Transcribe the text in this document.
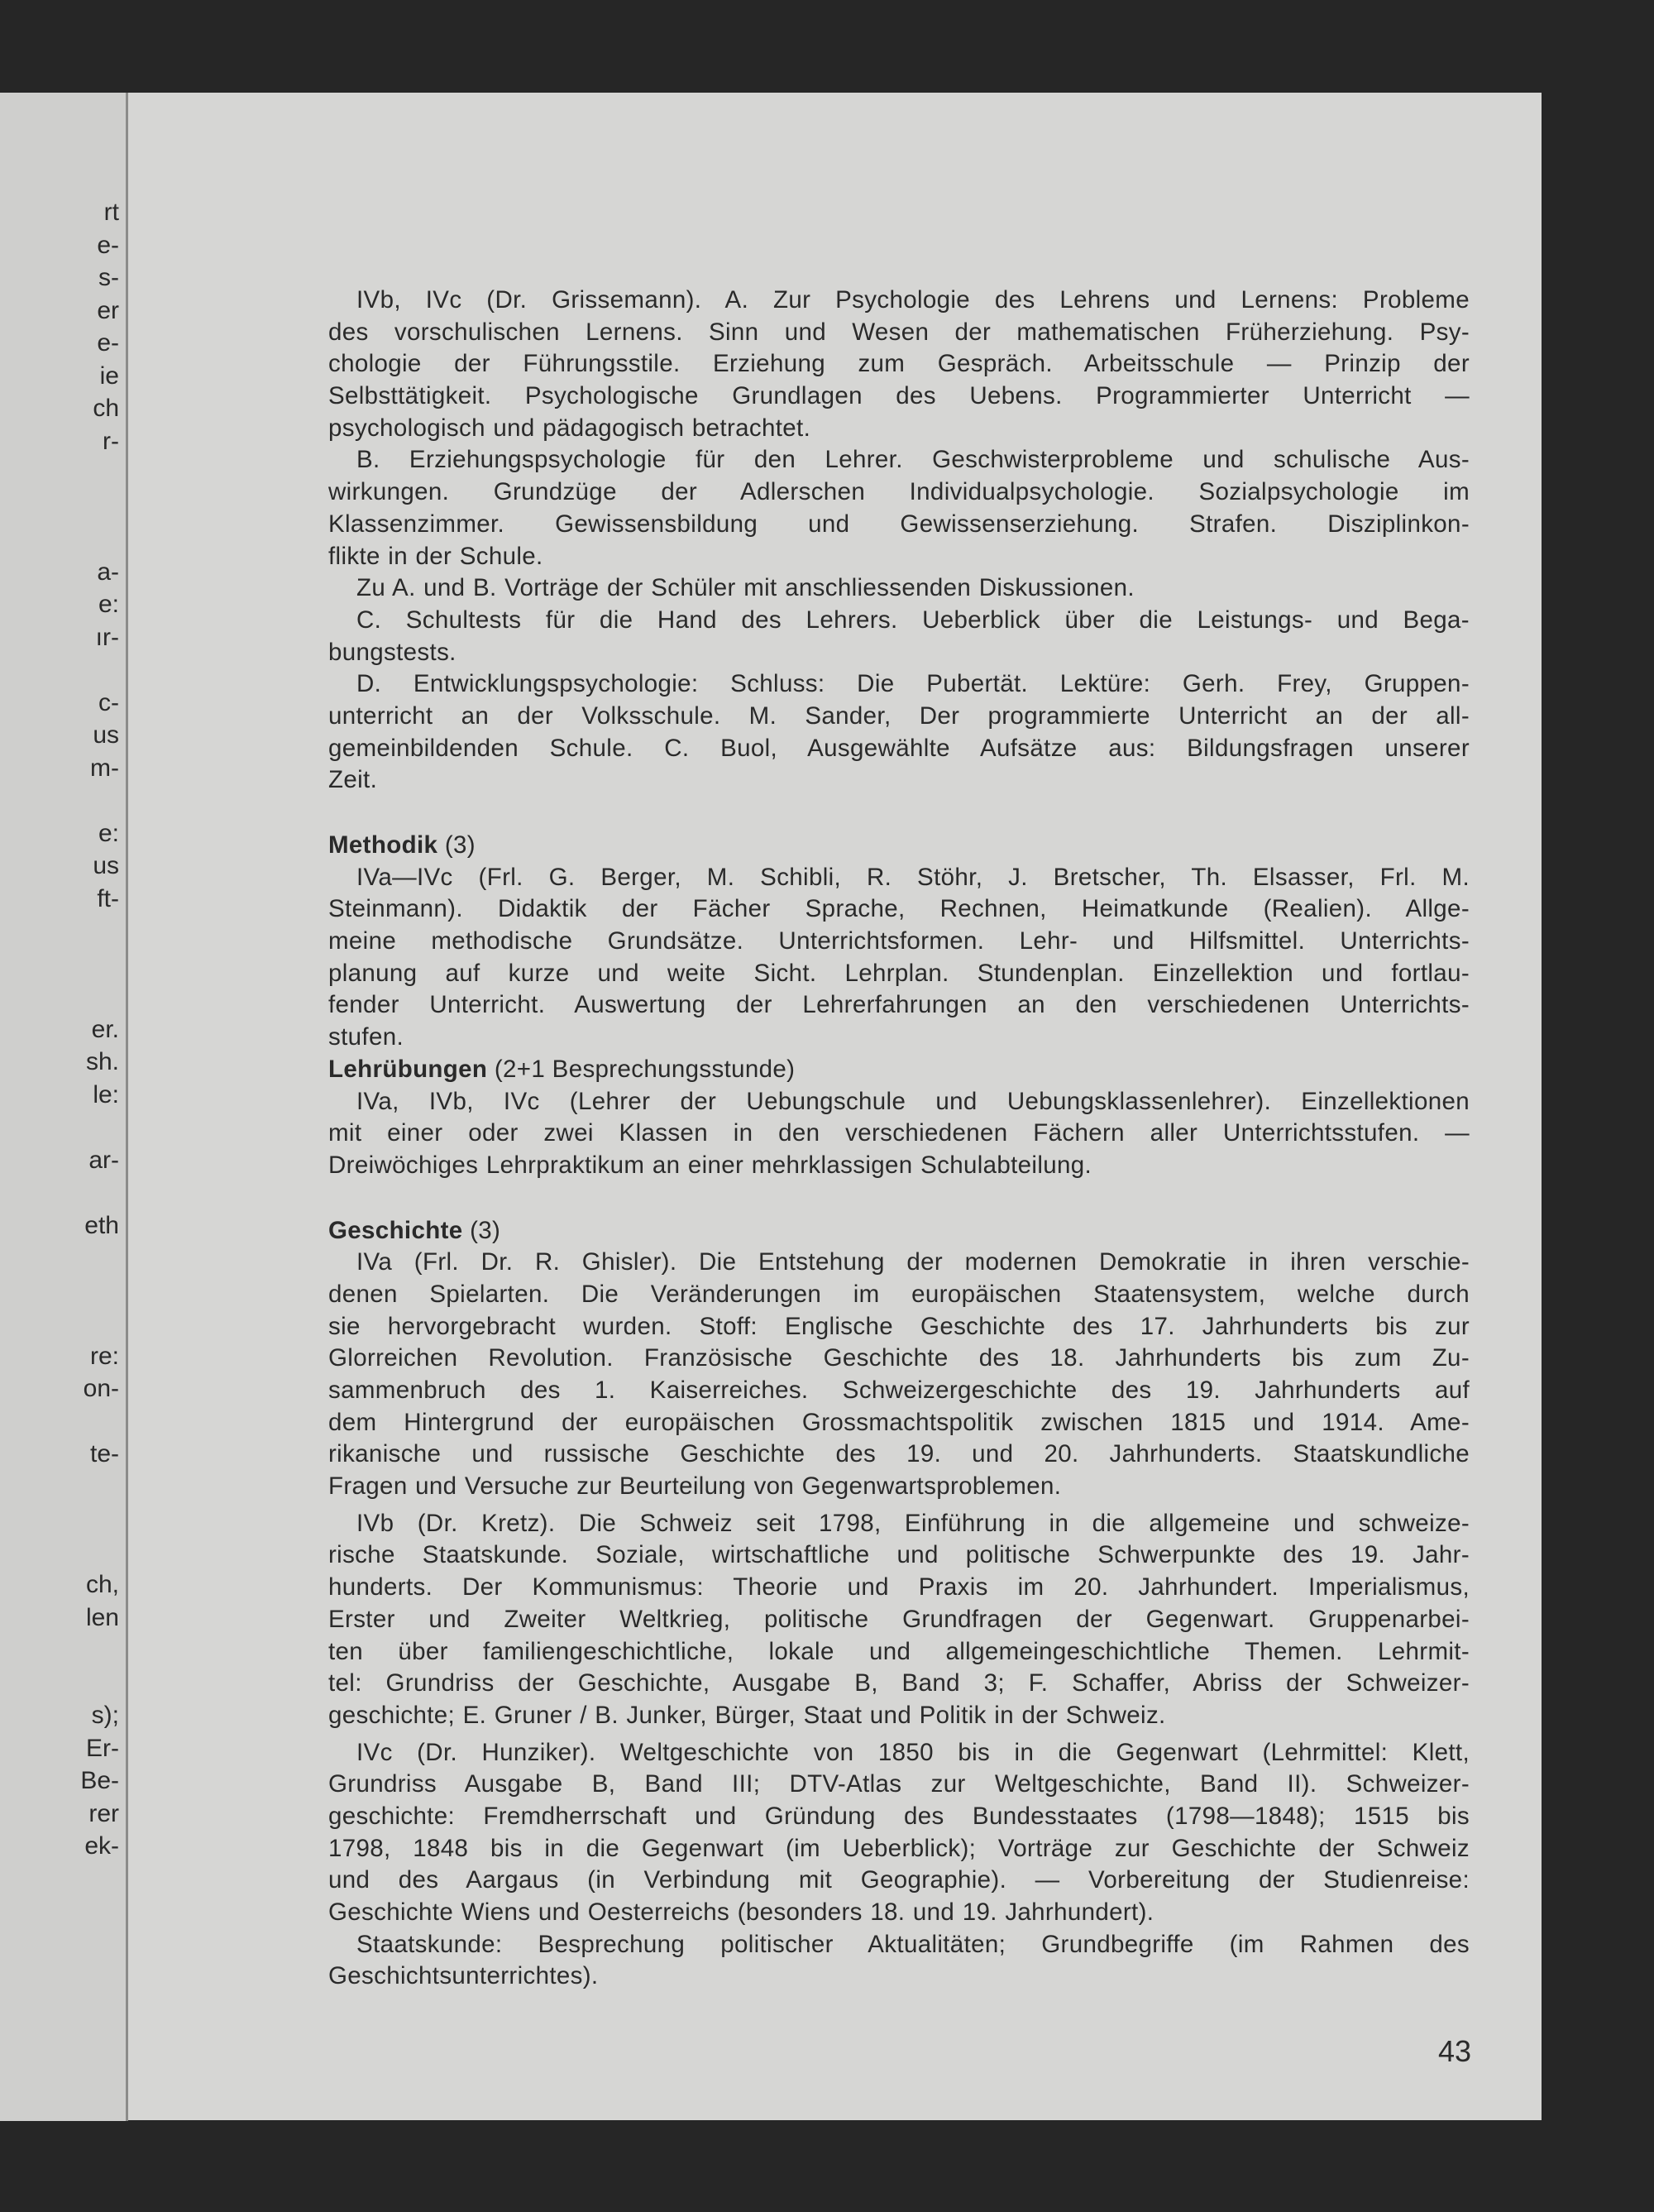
rt
e-
s-
er
e-
ie
ch
r-
a-
e:
ır-
c-
us
m-
e:
us
ft-
er.
sh.
le:
ar-
eth
re:
on-
te-
ch,
len
s);
Er-
Be-
rer
ek-
IVb, IVc (Dr. Grissemann). A. Zur Psychologie des Lehrens und Lernens: Probleme
des vorschulischen Lernens. Sinn und Wesen der mathematischen Früherziehung. Psy-
chologie der Führungsstile. Erziehung zum Gespräch. Arbeitsschule — Prinzip der
Selbsttätigkeit. Psychologische Grundlagen des Uebens. Programmierter Unterricht —
psychologisch und pädagogisch betrachtet.
B. Erziehungspsychologie für den Lehrer. Geschwisterprobleme und schulische Aus-
wirkungen. Grundzüge der Adlerschen Individualpsychologie. Sozialpsychologie im
Klassenzimmer. Gewissensbildung und Gewissenserziehung. Strafen. Disziplinkon-
flikte in der Schule.
Zu A. und B. Vorträge der Schüler mit anschliessenden Diskussionen.
C. Schultests für die Hand des Lehrers. Ueberblick über die Leistungs- und Bega-
bungstests.
D. Entwicklungspsychologie: Schluss: Die Pubertät. Lektüre: Gerh. Frey, Gruppen-
unterricht an der Volksschule. M. Sander, Der programmierte Unterricht an der all-
gemeinbildenden Schule. C. Buol, Ausgewählte Aufsätze aus: Bildungsfragen unserer
Zeit.
Methodik (3)
IVa—IVc (Frl. G. Berger, M. Schibli, R. Stöhr, J. Bretscher, Th. Elsasser, Frl. M.
Steinmann). Didaktik der Fächer Sprache, Rechnen, Heimatkunde (Realien). Allge-
meine methodische Grundsätze. Unterrichtsformen. Lehr- und Hilfsmittel. Unterrichts-
planung auf kurze und weite Sicht. Lehrplan. Stundenplan. Einzellektion und fortlau-
fender Unterricht. Auswertung der Lehrerfahrungen an den verschiedenen Unterrichts-
stufen.
Lehrübungen (2+1 Besprechungsstunde)
IVa, IVb, IVc (Lehrer der Uebungschule und Uebungsklassenlehrer). Einzellektionen
mit einer oder zwei Klassen in den verschiedenen Fächern aller Unterrichtsstufen. —
Dreiwöchiges Lehrpraktikum an einer mehrklassigen Schulabteilung.
Geschichte (3)
IVa (Frl. Dr. R. Ghisler). Die Entstehung der modernen Demokratie in ihren verschie-
denen Spielarten. Die Veränderungen im europäischen Staatensystem, welche durch
sie hervorgebracht wurden. Stoff: Englische Geschichte des 17. Jahrhunderts bis zur
Glorreichen Revolution. Französische Geschichte des 18. Jahrhunderts bis zum Zu-
sammenbruch des 1. Kaiserreiches. Schweizergeschichte des 19. Jahrhunderts auf
dem Hintergrund der europäischen Grossmachtspolitik zwischen 1815 und 1914. Ame-
rikanische und russische Geschichte des 19. und 20. Jahrhunderts. Staatskundliche
Fragen und Versuche zur Beurteilung von Gegenwartsproblemen.
IVb (Dr. Kretz). Die Schweiz seit 1798, Einführung in die allgemeine und schweize-
rische Staatskunde. Soziale, wirtschaftliche und politische Schwerpunkte des 19. Jahr-
hunderts. Der Kommunismus: Theorie und Praxis im 20. Jahrhundert. Imperialismus,
Erster und Zweiter Weltkrieg, politische Grundfragen der Gegenwart. Gruppenarbei-
ten über familiengeschichtliche, lokale und allgemeingeschichtliche Themen. Lehrmit-
tel: Grundriss der Geschichte, Ausgabe B, Band 3; F. Schaffer, Abriss der Schweizer-
geschichte; E. Gruner / B. Junker, Bürger, Staat und Politik in der Schweiz.
IVc (Dr. Hunziker). Weltgeschichte von 1850 bis in die Gegenwart (Lehrmittel: Klett,
Grundriss Ausgabe B, Band III; DTV-Atlas zur Weltgeschichte, Band II). Schweizer-
geschichte: Fremdherrschaft und Gründung des Bundesstaates (1798—1848); 1515 bis
1798, 1848 bis in die Gegenwart (im Ueberblick); Vorträge zur Geschichte der Schweiz
und des Aargaus (in Verbindung mit Geographie). — Vorbereitung der Studienreise:
Geschichte Wiens und Oesterreichs (besonders 18. und 19. Jahrhundert).
Staatskunde: Besprechung politischer Aktualitäten; Grundbegriffe (im Rahmen des
Geschichtsunterrichtes).
43
